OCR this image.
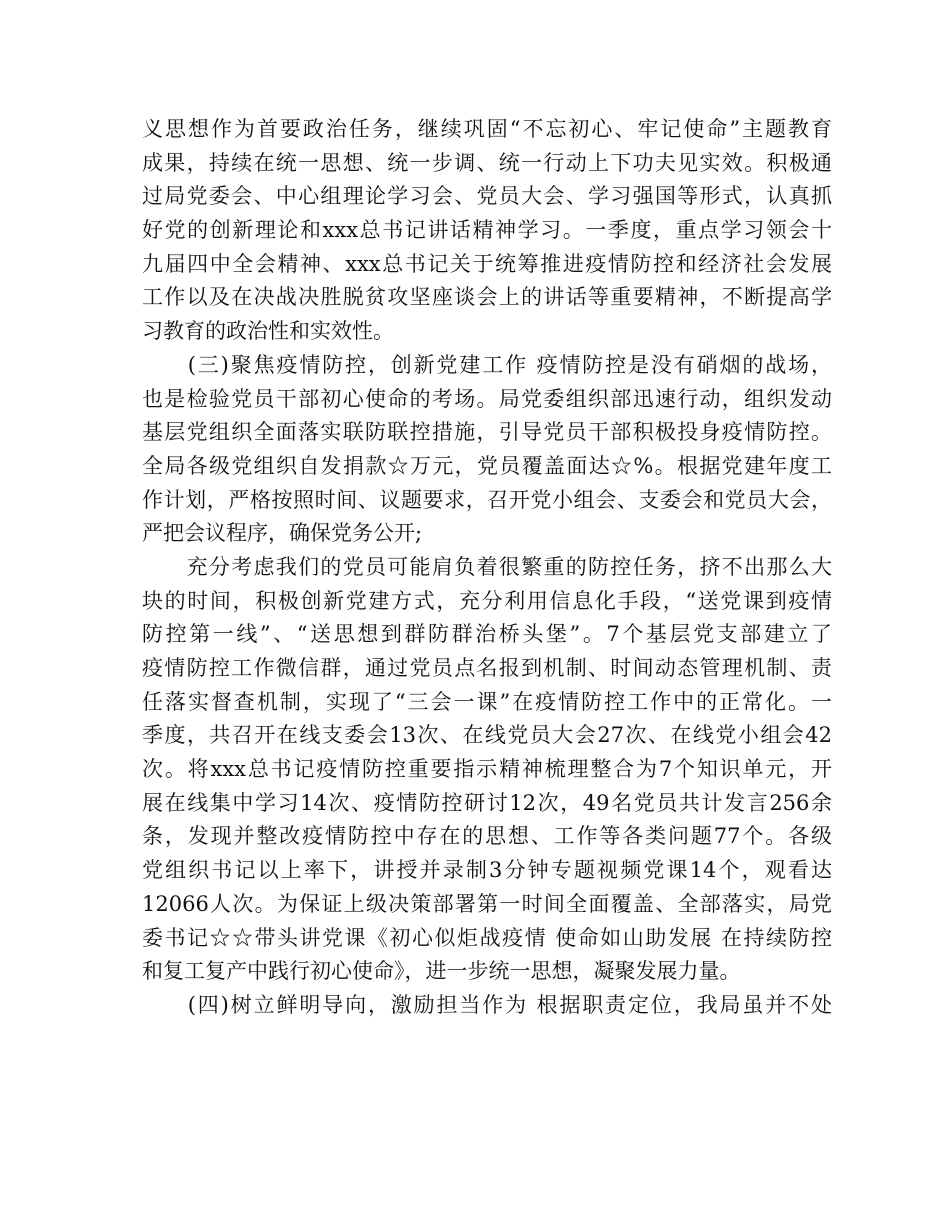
义思想作为首要政治任务，继续巩固“不忘初心、牢记使命”主题教育
成果，持续在统一思想、统一步调、统一行动上下功夫见实效。积极通
过局党委会、中心组理论学习会、党员大会、学习强国等形式，认真抓
好党的创新理论和xxx总书记讲话精神学习。一季度，重点学习领会十
九届四中全会精神、xxx总书记关于统筹推进疫情防控和经济社会发展
工作以及在决战决胜脱贫攻坚座谈会上的讲话等重要精神，不断提高学
习教育的政治性和实效性。
　　(三)聚焦疫情防控，创新党建工作 疫情防控是没有硝烟的战场，
也是检验党员干部初心使命的考场。局党委组织部迅速行动，组织发动
基层党组织全面落实联防联控措施，引导党员干部积极投身疫情防控。
全局各级党组织自发捐款☆万元，党员覆盖面达☆%。根据党建年度工
作计划，严格按照时间、议题要求，召开党小组会、支委会和党员大会，
严把会议程序，确保党务公开;
　　充分考虑我们的党员可能肩负着很繁重的防控任务，挤不出那么大
块的时间，积极创新党建方式，充分利用信息化手段，“送党课到疫情
防控第一线”、“送思想到群防群治桥头堡”。7个基层党支部建立了
疫情防控工作微信群，通过党员点名报到机制、时间动态管理机制、责
任落实督查机制，实现了“三会一课”在疫情防控工作中的正常化。一
季度，共召开在线支委会13次、在线党员大会27次、在线党小组会42
次。将xxx总书记疫情防控重要指示精神梳理整合为7个知识单元，开
展在线集中学习14次、疫情防控研讨12次，49名党员共计发言256余
条，发现并整改疫情防控中存在的思想、工作等各类问题77个。各级
党组织书记以上率下，讲授并录制3分钟专题视频党课14个，观看达
12066人次。为保证上级决策部署第一时间全面覆盖、全部落实，局党
委书记☆☆带头讲党课《初心似炬战疫情 使命如山助发展 在持续防控
和复工复产中践行初心使命》，进一步统一思想，凝聚发展力量。
　　(四)树立鲜明导向，激励担当作为 根据职责定位，我局虽并不处
